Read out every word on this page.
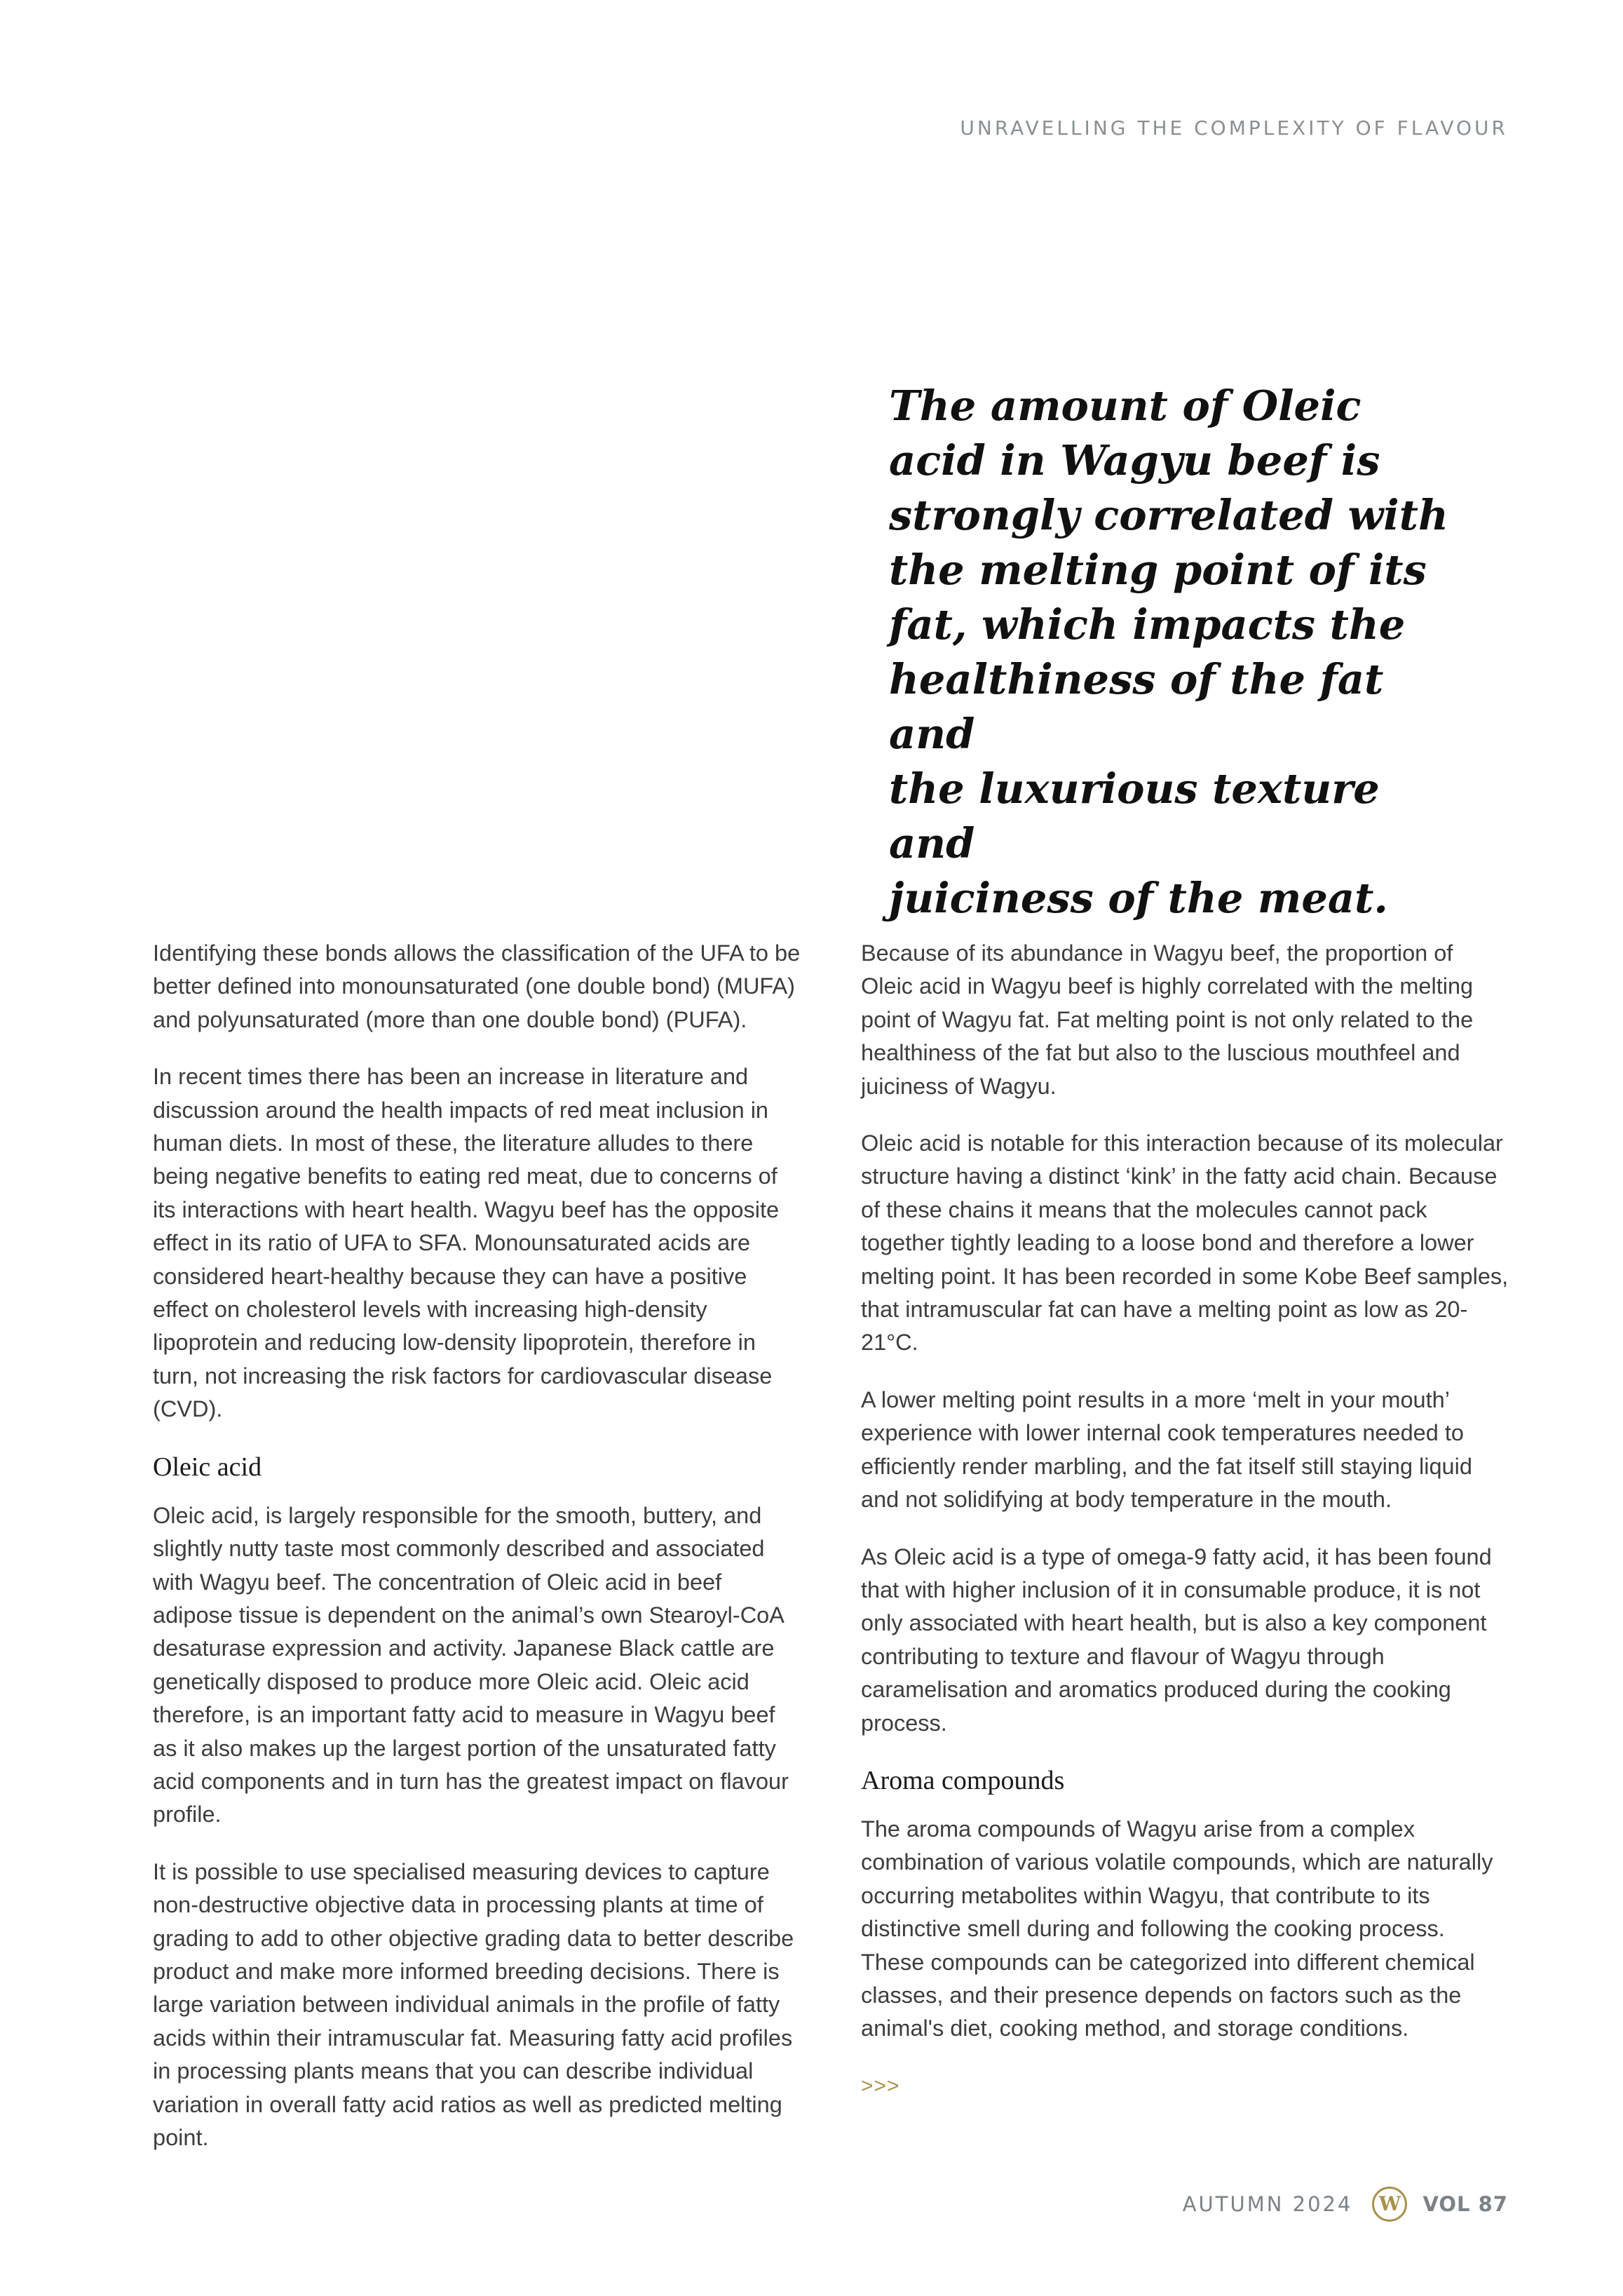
UNRAVELLING THE COMPLEXITY OF FLAVOUR

The amount of Oleic
acid in Wagyu beef is
strongly correlated with
the melting point of its
fat, which impacts the
healthiness of the fat and
the luxurious texture and
juiciness of the meat.

Identifying these bonds allows the classification of the UFA to be better defined into monounsaturated (one double bond) (MUFA) and polyunsaturated (more than one double bond) (PUFA).

In recent times there has been an increase in literature and discussion around the health impacts of red meat inclusion in human diets. In most of these, the literature alludes to there being negative benefits to eating red meat, due to concerns of its interactions with heart health. Wagyu beef has the opposite effect in its ratio of UFA to SFA. Monounsaturated acids are considered heart-healthy because they can have a positive effect on cholesterol levels with increasing high-density lipoprotein and reducing low-density lipoprotein, therefore in turn, not increasing the risk factors for cardiovascular disease (CVD).

Oleic acid

Oleic acid, is largely responsible for the smooth, buttery, and slightly nutty taste most commonly described and associated with Wagyu beef. The concentration of Oleic acid in beef adipose tissue is dependent on the animal’s own Stearoyl-CoA desaturase expression and activity. Japanese Black cattle are genetically disposed to produce more Oleic acid. Oleic acid therefore, is an important fatty acid to measure in Wagyu beef as it also makes up the largest portion of the unsaturated fatty acid components and in turn has the greatest impact on flavour profile.

It is possible to use specialised measuring devices to capture non-destructive objective data in processing plants at time of grading to add to other objective grading data to better describe product and make more informed breeding decisions. There is large variation between individual animals in the profile of fatty acids within their intramuscular fat. Measuring fatty acid profiles in processing plants means that you can describe individual variation in overall fatty acid ratios as well as predicted melting point.

Because of its abundance in Wagyu beef, the proportion of Oleic acid in Wagyu beef is highly correlated with the melting point of Wagyu fat. Fat melting point is not only related to the healthiness of the fat but also to the luscious mouthfeel and juiciness of Wagyu.

Oleic acid is notable for this interaction because of its molecular structure having a distinct ‘kink’ in the fatty acid chain. Because of these chains it means that the molecules cannot pack together tightly leading to a loose bond and therefore a lower melting point. It has been recorded in some Kobe Beef samples, that intramuscular fat can have a melting point as low as 20-21°C.

A lower melting point results in a more ‘melt in your mouth’ experience with lower internal cook temperatures needed to efficiently render marbling, and the fat itself still staying liquid and not solidifying at body temperature in the mouth.

As Oleic acid is a type of omega-9 fatty acid, it has been found that with higher inclusion of it in consumable produce, it is not only associated with heart health, but is also a key component contributing to texture and flavour of Wagyu through caramelisation and aromatics produced during the cooking process.

Aroma compounds

The aroma compounds of Wagyu arise from a complex combination of various volatile compounds, which are naturally occurring metabolites within Wagyu, that contribute to its distinctive smell during and following the cooking process. These compounds can be categorized into different chemical classes, and their presence depends on factors such as the animal's diet, cooking method, and storage conditions.

>>>
AUTUMN 2024	W	VOL 87
